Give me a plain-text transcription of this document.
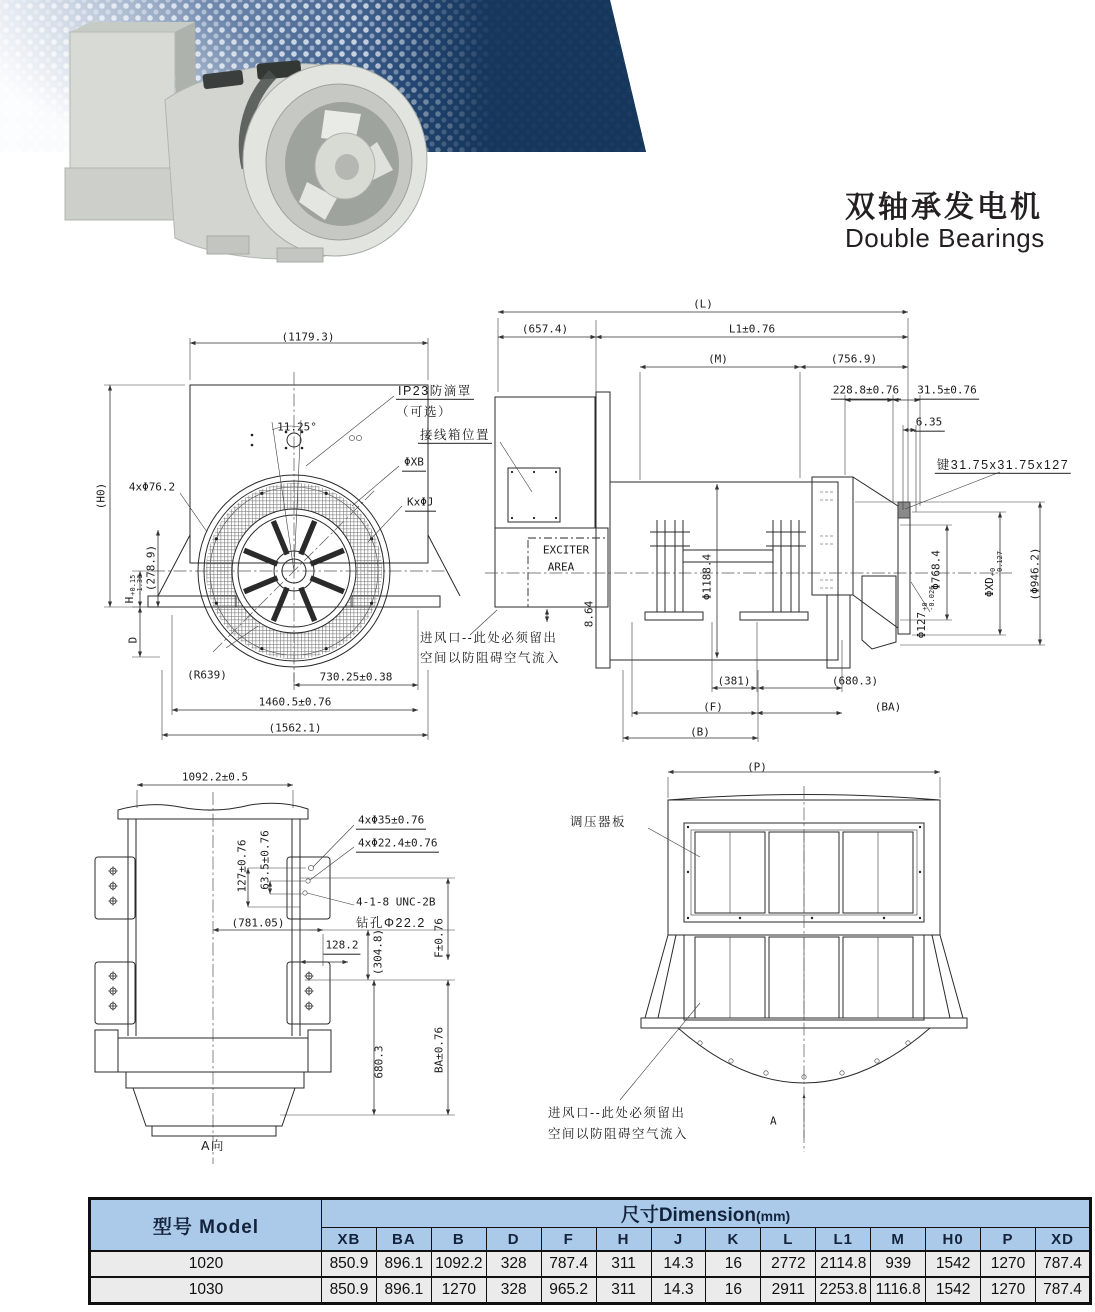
双轴承发电机
Double Bearings
(1179.3)
(H0) 4xΦ76.2
11.25°
(278.9)
H
+0.15 -1.36
D
(R639)	730.25±0.38
1460.5±0.76
(1562.1)
IP23防滴罩
（可选）
接线箱位置
ΦXB
KxΦJ
(L)
(657.4)	L1±0.76
(M)	(756.9)
228.8±0.76 31.5±0.76
6.35
键31.75x31.75x127
EXCITER
AREA	Φ1188.4
8.64
Φ768.4	ΦXD
+0 -0.127 (Φ946.2)
Φ127
+0 -0.026
(381)	(680.3)
(F)	(BA)
(B)
进风口--此处必须留出
空间以防阻碍空气流入
1092.2±0.5
4xΦ35±0.76
4xΦ22.4±0.76
127±0.76 63.5±0.76
4-1-8 UNC-2B
钻孔Φ22.2
(781.05)
128.2 (304.8)	F±0.76
680.3	BA±0.76
A向
(P)
调压器板
进风口--此处必须留出
空间以防阻碍空气流入
A
型号 Model	尺寸Dimension(mm)													
	XB	BA	B	D	F	H	J	K	L	L1	M	H0	P	XD
1020	850.9	896.1	1092.2	328	787.4	311	14.3	16	2772	2114.8	939	1542	1270	787.4
1030	850.9	896.1	1270	328	965.2	311	14.3	16	2911	2253.8	1116.8	1542	1270	787.4
